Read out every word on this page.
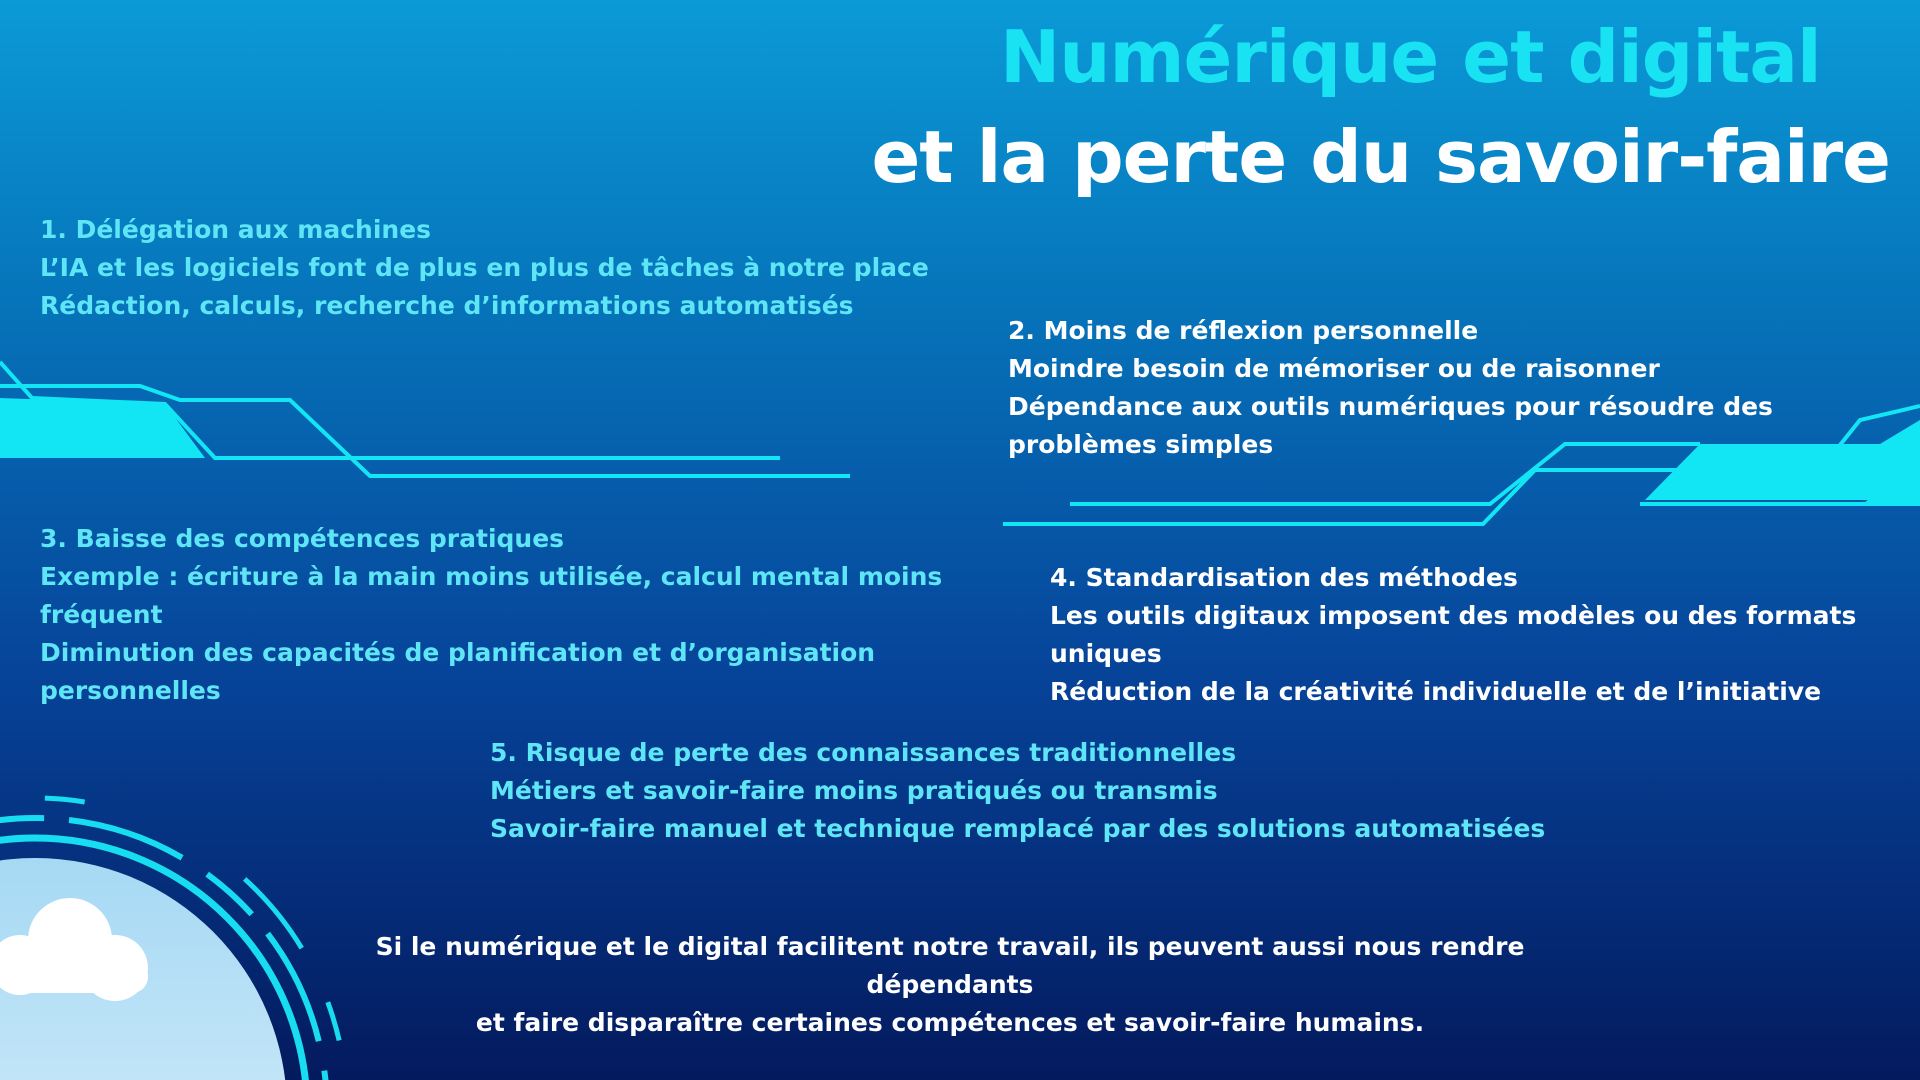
Numérique et digital
et la perte du savoir-faire

1. Délégation aux machines

L’IA et les logiciels font de plus en plus de tâches à notre place

Rédaction, calculs, recherche d’informations automatisés

2. Moins de réflexion personnelle

Moindre besoin de mémoriser ou de raisonner

Dépendance aux outils numériques pour résoudre des

problèmes simples

3. Baisse des compétences pratiques

Exemple : écriture à la main moins utilisée, calcul mental moins

fréquent

Diminution des capacités de planification et d’organisation

personnelles

4. Standardisation des méthodes

Les outils digitaux imposent des modèles ou des formats uniques

Réduction de la créativité individuelle et de l’initiative

5. Risque de perte des connaissances traditionnelles

Métiers et savoir-faire moins pratiqués ou transmis

Savoir-faire manuel et technique remplacé par des solutions automatisées

Si le numérique et le digital facilitent notre travail, ils peuvent aussi nous rendre dépendants

et faire disparaître certaines compétences et savoir-faire humains.
